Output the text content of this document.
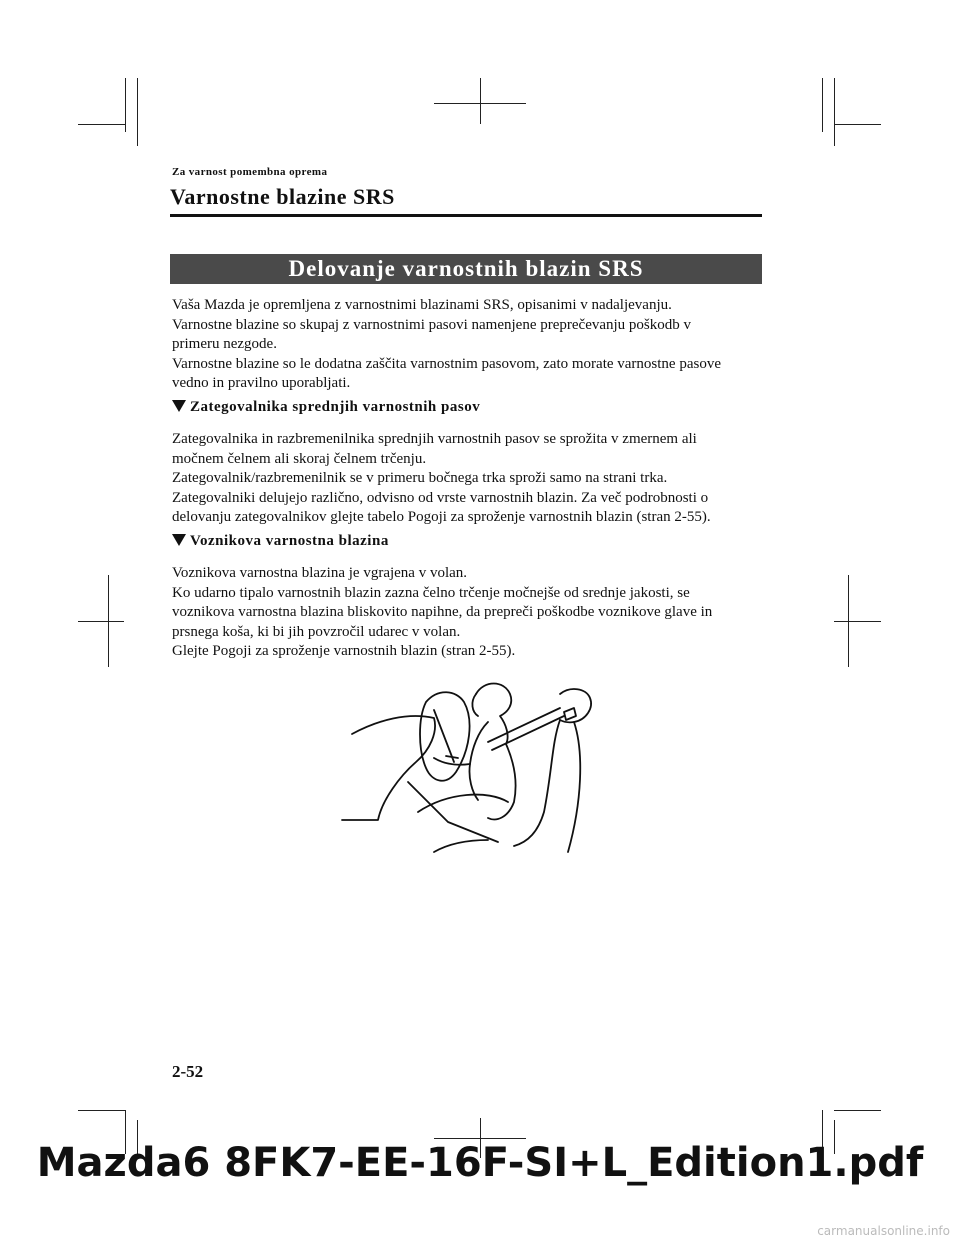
Za varnost pomembna oprema
Varnostne blazine SRS
Delovanje varnostnih blazin SRS

Vaša Mazda je opremljena z varnostnimi blazinami SRS, opisanimi v nadaljevanju.

Varnostne blazine so skupaj z varnostnimi pasovi namenjene preprečevanju poškodb v

primeru nezgode.

Varnostne blazine so le dodatna zaščita varnostnim pasovom, zato morate varnostne pasove

vedno in pravilno uporabljati.

Zategovalnika sprednjih varnostnih pasov

Zategovalnika in razbremenilnika sprednjih varnostnih pasov se sprožita v zmernem ali

močnem čelnem ali skoraj čelnem trčenju.

Zategovalnik/razbremenilnik se v primeru bočnega trka sproži samo na strani trka.

Zategovalniki delujejo različno, odvisno od vrste varnostnih blazin. Za več podrobnosti o

delovanju zategovalnikov glejte tabelo Pogoji za sproženje varnostnih blazin (stran 2-55).

Voznikova varnostna blazina

Voznikova varnostna blazina je vgrajena v volan.

Ko udarno tipalo varnostnih blazin zazna čelno trčenje močnejše od srednje jakosti, se

voznikova varnostna blazina bliskovito napihne, da prepreči poškodbe voznikove glave in

prsnega koša, ki bi jih povzročil udarec v volan.

Glejte Pogoji za sproženje varnostnih blazin (stran 2-55).

2-52
Mazda6 8FK7-EE-16F-SI+L_Edition1.pdf
carmanualsonline.info
